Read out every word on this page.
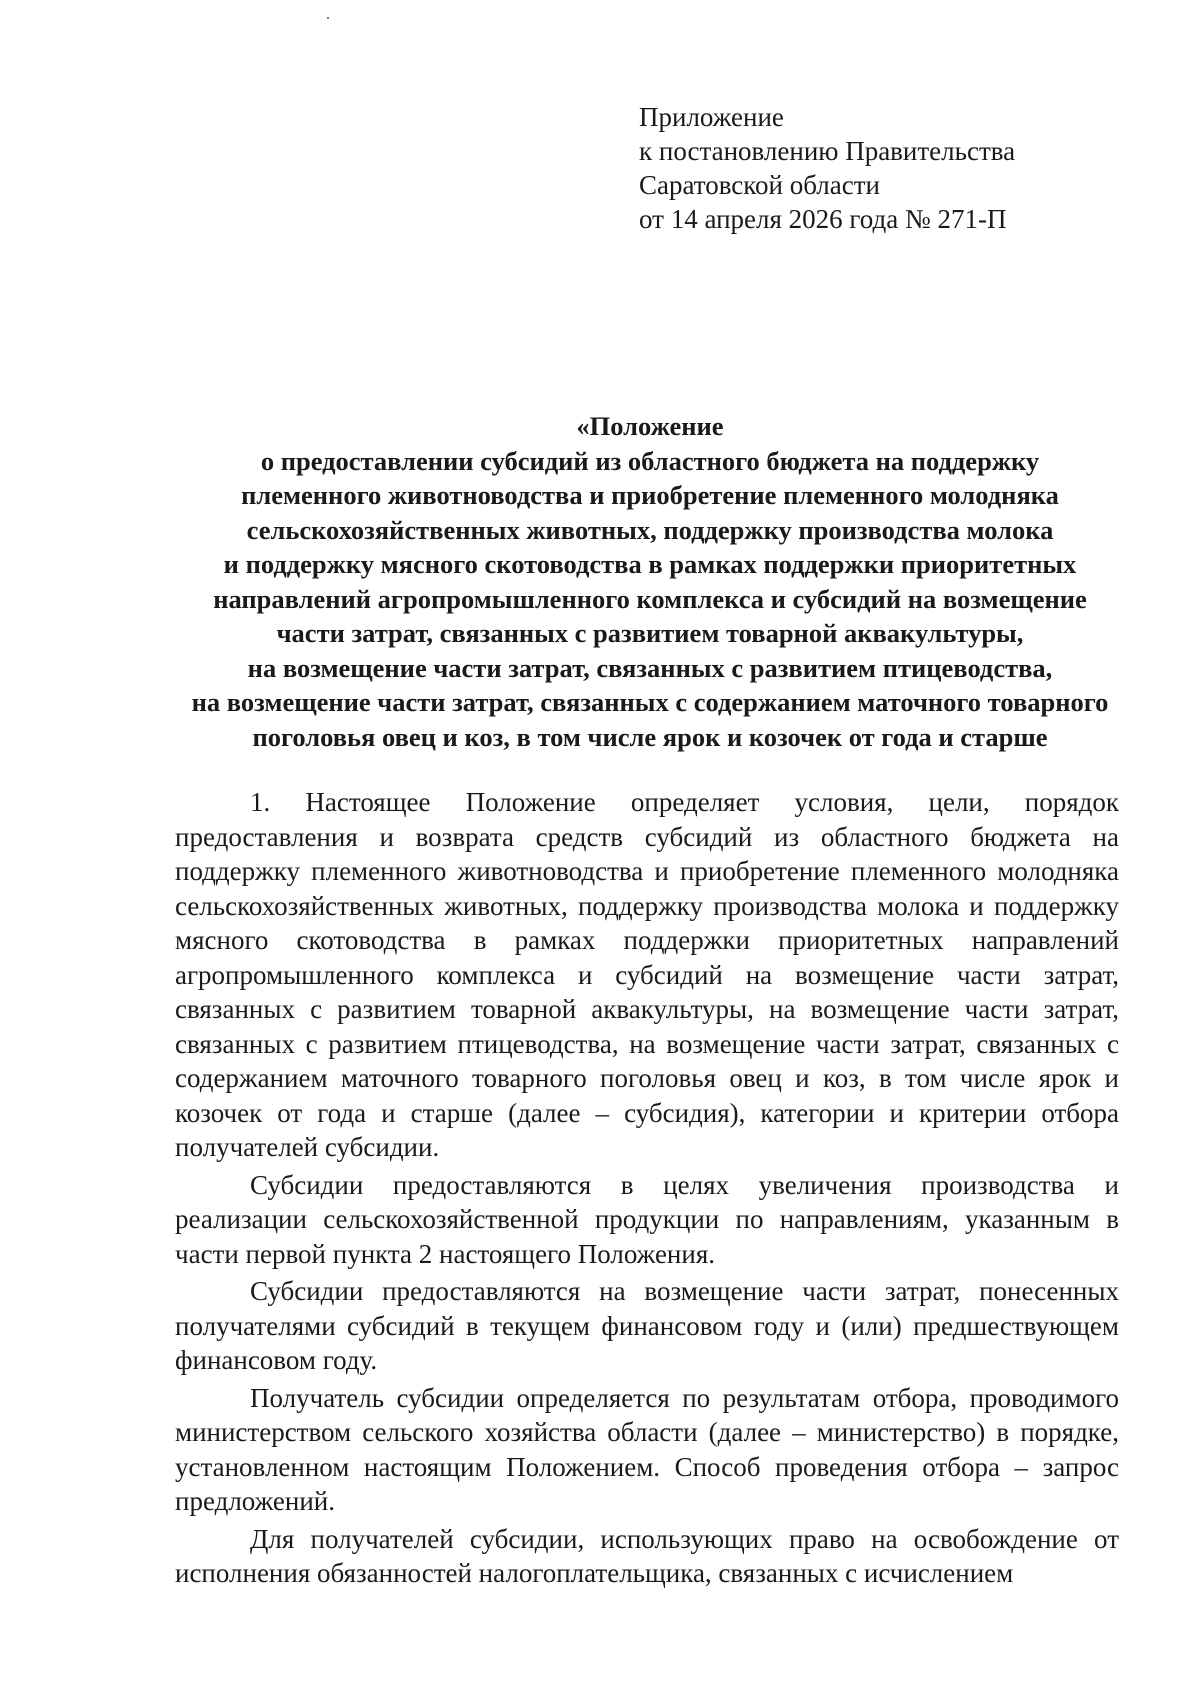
Приложение
к постановлению Правительства
Саратовской области
от 14 апреля 2026 года № 271-П
«Положение
о предоставлении субсидий из областного бюджета на поддержку
племенного животноводства и приобретение племенного молодняка
сельскохозяйственных животных, поддержку производства молока
и поддержку мясного скотоводства в рамках поддержки приоритетных
направлений агропромышленного комплекса и субсидий на возмещение
части затрат, связанных с развитием товарной аквакультуры,
на возмещение части затрат, связанных с развитием птицеводства,
на возмещение части затрат, связанных с содержанием маточного товарного
поголовья овец и коз, в том числе ярок и козочек от года и старше

1. Настоящее Положение определяет условия, цели, порядок предоставления и возврата средств субсидий из областного бюджета на поддержку племенного животноводства и приобретение племенного молодняка сельскохозяйственных животных, поддержку производства молока и поддержку мясного скотоводства в рамках поддержки приоритетных направлений агропромышленного комплекса и субсидий на возмещение части затрат, связанных с развитием товарной аквакультуры, на возмещение части затрат, связанных с развитием птицеводства, на возмещение части затрат, связанных с содержанием маточного товарного поголовья овец и коз, в том числе ярок и козочек от года и старше (далее – субсидия), категории и критерии отбора получателей субсидии.

Субсидии предоставляются в целях увеличения производства и реализации сельскохозяйственной продукции по направлениям, указанным в части первой пункта 2 настоящего Положения.

Субсидии предоставляются на возмещение части затрат, понесенных получателями субсидий в текущем финансовом году и (или) предшествующем финансовом году.

Получатель субсидии определяется по результатам отбора, проводимого министерством сельского хозяйства области (далее – министерство) в порядке, установленном настоящим Положением. Способ проведения отбора – запрос предложений.

Для получателей субсидии, использующих право на освобождение от исполнения обязанностей налогоплательщика, связанных с исчислением
